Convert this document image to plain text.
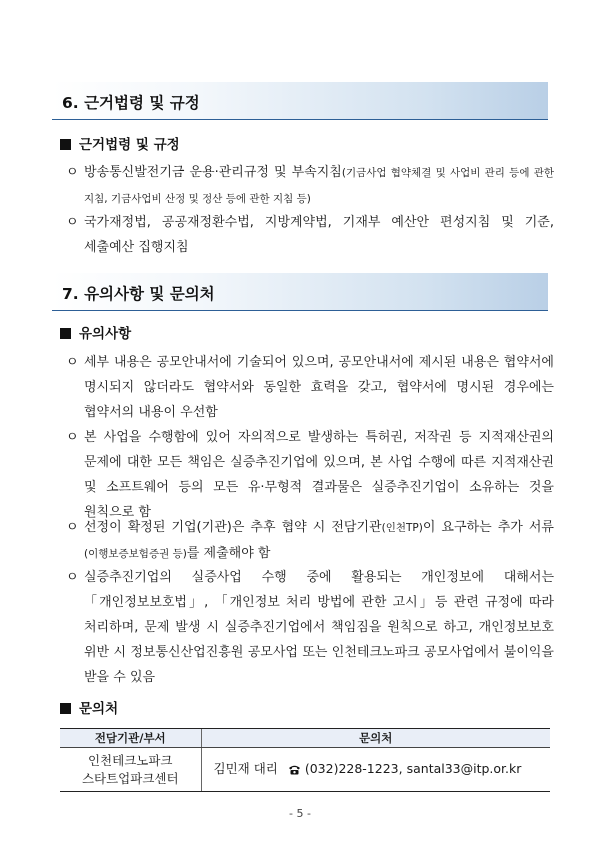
6. 근거법령 및 규정
근거법령 및 규정
ㅇ 방송통신발전기금 운용·관리규정 및 부속지침(기금사업 협약체결 및 사업비 관리 등에 관한 지침, 기금사업비 산정 및 정산 등에 관한 지침 등)
ㅇ 국가재정법, 공공재정환수법, 지방계약법, 기재부 예산안 편성지침 및 기준, 세출예산 집행지침
7. 유의사항 및 문의처
유의사항
ㅇ 세부 내용은 공모안내서에 기술되어 있으며, 공모안내서에 제시된 내용은 협약서에 명시되지 않더라도 협약서와 동일한 효력을 갖고, 협약서에 명시된 경우에는 협약서의 내용이 우선함
ㅇ 본 사업을 수행함에 있어 자의적으로 발생하는 특허권, 저작권 등 지적재산권의 문제에 대한 모든 책임은 실증추진기업에 있으며, 본 사업 수행에 따른 지적재산권 및 소프트웨어 등의 모든 유·무형적 결과물은 실증추진기업이 소유하는 것을 원칙으로 함
ㅇ 선정이 확정된 기업(기관)은 추후 협약 시 전담기관(인천TP)이 요구하는 추가 서류(이행보증보험증권 등)를 제출해야 함
ㅇ 실증추진기업의 실증사업 수행 중에 활용되는 개인정보에 대해서는 「개인정보보호법」, 「개인정보 처리 방법에 관한 고시」등 관련 규정에 따라 처리하며, 문제 발생 시 실증추진기업에서 책임짐을 원칙으로 하고, 개인정보보호 위반 시 정보통신산업진흥원 공모사업 또는 인천테크노파크 공모사업에서 불이익을 받을 수 있음
문의처
전담기관/부서	문의처

인천테크노파크
스타트업파크센터	김민재 대리 (032)228-1223, santal33@itp.or.kr
- 5 -
